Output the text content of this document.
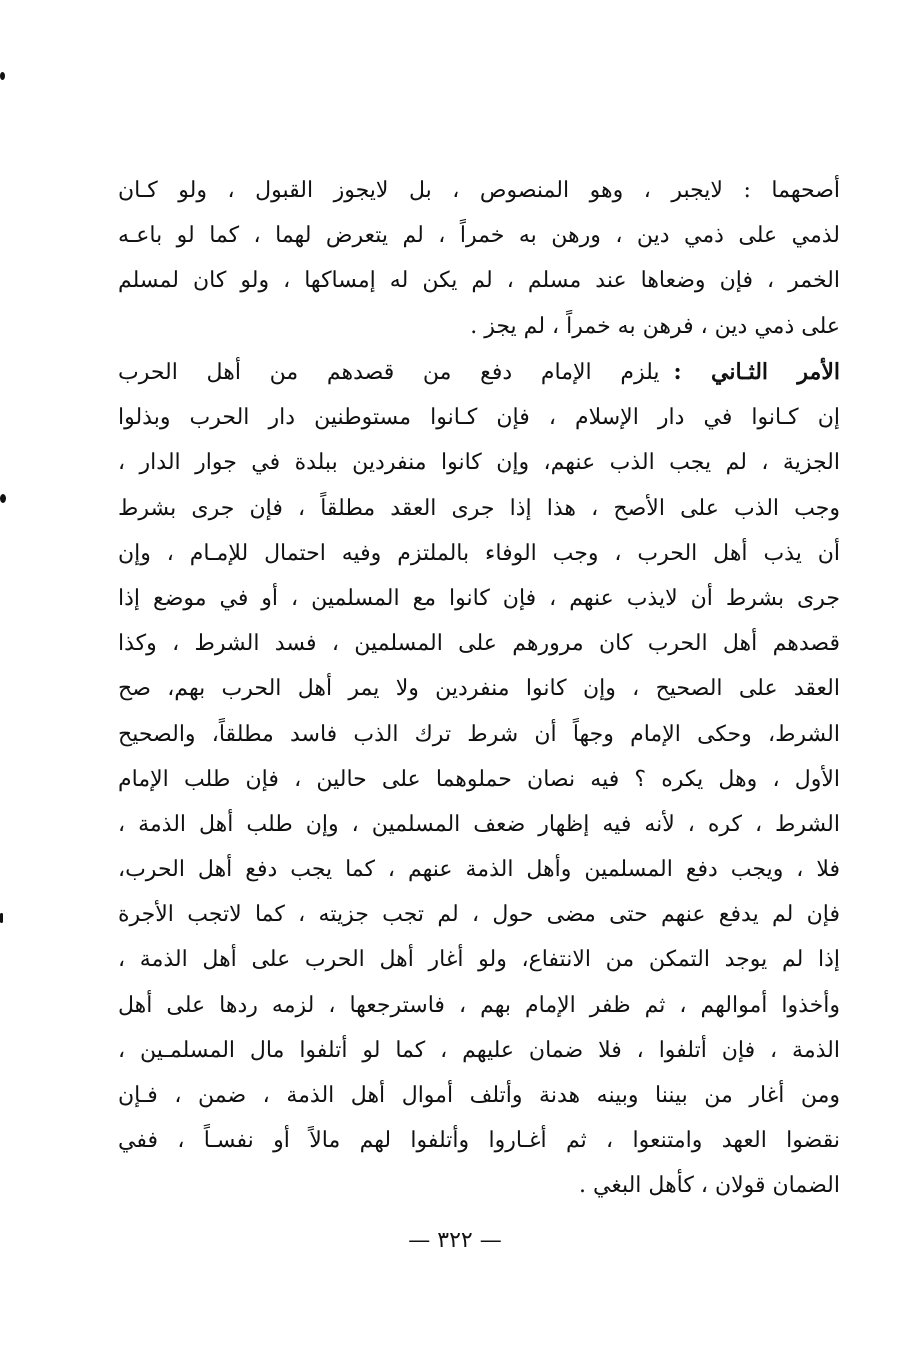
أصحهما : لايجبر ، وهو المنصوص ، بل لايجوز القبول ، ولو كـان
لذمي على ذمي دين ، ورهن به خمراً ، لم يتعرض لهما ، كما لو باعـه
الخمر ، فإن وضعاها عند مسلم ، لم يكن له إمساكها ، ولو كان لمسلم
على ذمي دين ، فرهن به خمراً ، لم يجز .
الأمر الثـاني :يلزم الإمام دفع من قصدهم من أهل الحرب
إن كـانوا في دار الإسلام ، فإن كـانوا مستوطنين دار الحرب وبذلوا
الجزية ، لم يجب الذب عنهم، وإن كانوا منفردين ببلدة في جوار الدار ،
وجب الذب على الأصح ، هذا إذا جرى العقد مطلقاً ، فإن جرى بشرط
أن يذب أهل الحرب ، وجب الوفاء بالملتزم وفيه احتمال للإمـام ، وإن
جرى بشرط أن لايذب عنهم ، فإن كانوا مع المسلمين ، أو في موضع إذا
قصدهم أهل الحرب كان مرورهم على المسلمين ، فسد الشرط ، وكذا
العقد على الصحيح ، وإن كانوا منفردين ولا يمر أهل الحرب بهم، صح
الشرط، وحكى الإمام وجهاً أن شرط ترك الذب فاسد مطلقاً، والصحيح
الأول ، وهل يكره ؟ فيه نصان حملوهما على حالين ، فإن طلب الإمام
الشرط ، كره ، لأنه فيه إظهار ضعف المسلمين ، وإن طلب أهل الذمة ،
فلا ، ويجب دفع المسلمين وأهل الذمة عنهم ، كما يجب دفع أهل الحرب،
فإن لم يدفع عنهم حتى مضى حول ، لم تجب جزيته ، كما لاتجب الأجرة
إذا لم يوجد التمكن من الانتفاع، ولو أغار أهل الحرب على أهل الذمة ،
وأخذوا أموالهم ، ثم ظفر الإمام بهم ، فاسترجعها ، لزمه ردها على أهل
الذمة ، فإن أتلفوا ، فلا ضمان عليهم ، كما لو أتلفوا مال المسلمـين ،
ومن أغار من بيننا وبينه هدنة وأتلف أموال أهل الذمة ، ضمن ، فـإن
نقضوا العهد وامتنعوا ، ثم أغـاروا وأتلفوا لهم مالاً أو نفسـاً ، ففي
الضمان قولان ، كأهل البغي .
— ٣٢٢ —
